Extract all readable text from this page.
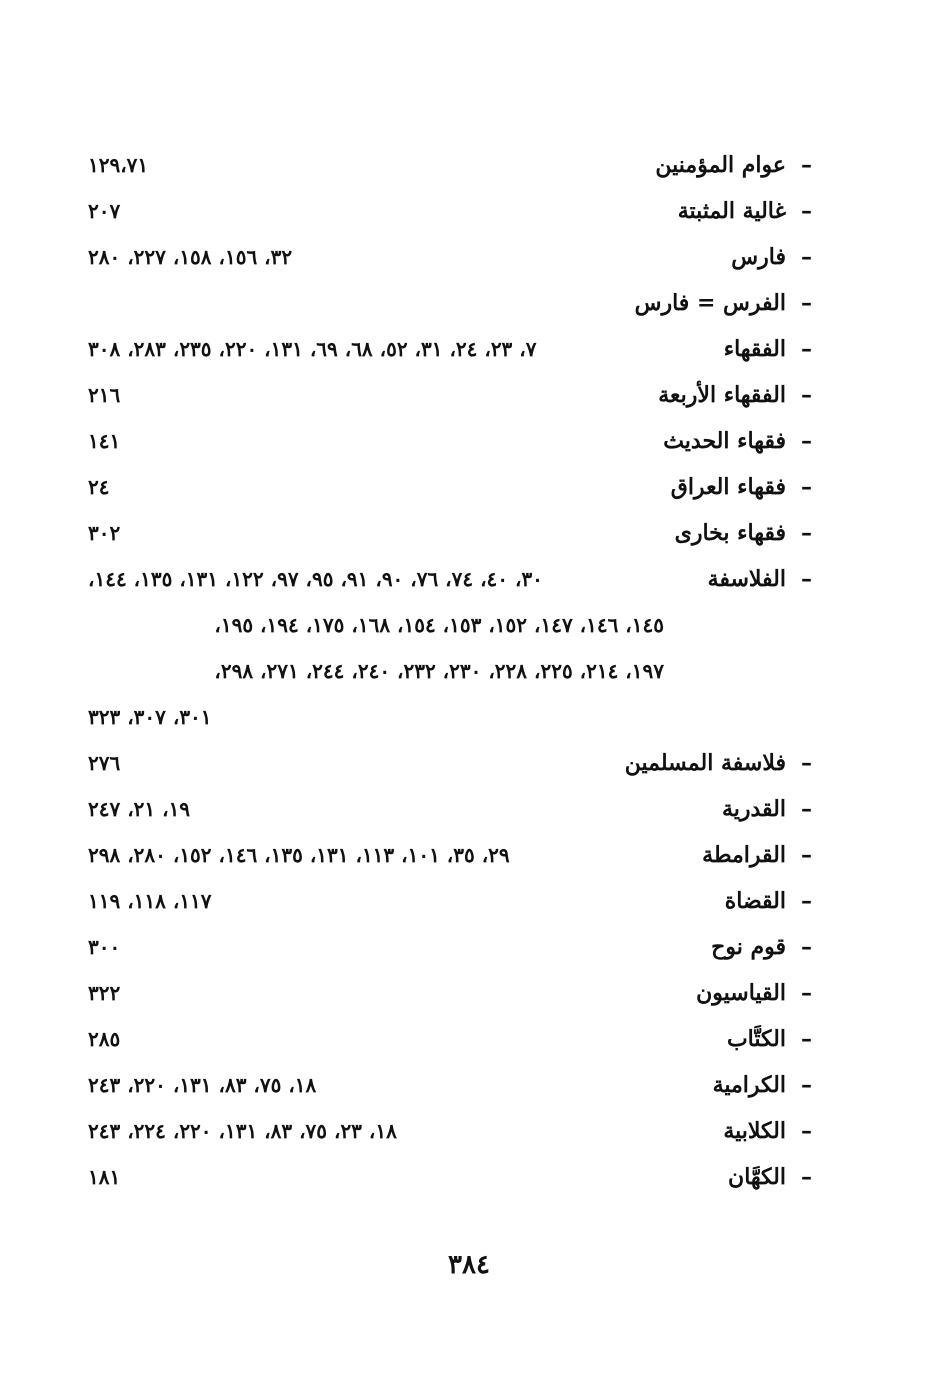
–
عوام المؤمنين
١٢٩،٧١
–
غالية المثبتة
٢٠٧
–
فارس
٣٢، ١٥٦، ١٥٨، ٢٢٧، ٢٨٠
–
الفرس = فارس
–
الفقهاء
٧، ٢٣، ٢٤، ٣١، ٥٢، ٦٨، ٦٩، ١٣١، ٢٢٠، ٢٣٥، ٢٨٣، ٣٠٨
–
الفقهاء الأربعة
٢١٦
–
فقهاء الحديث
١٤١
–
فقهاء العراق
٢٤
–
فقهاء بخارى
٣٠٢
–
الفلاسفة
٣٠، ٤٠، ٧٤، ٧٦، ٩٠، ٩١، ٩٥، ٩٧، ١٢٢، ١٣١، ١٣٥، ١٤٤،
١٤٥، ١٤٦، ١٤٧، ١٥٢، ١٥٣، ١٥٤، ١٦٨، ١٧٥، ١٩٤، ١٩٥،
١٩٧، ٢١٤، ٢٢٥، ٢٢٨، ٢٣٠، ٢٣٢، ٢٤٠، ٢٤٤، ٢٧١، ٢٩٨،
٣٠١، ٣٠٧، ٣٢٣
–
فلاسفة المسلمين
٢٧٦
–
القدرية
١٩، ٢١، ٢٤٧
–
القرامطة
٢٩، ٣٥، ١٠١، ١١٣، ١٣١، ١٣٥، ١٤٦، ١٥٢، ٢٨٠، ٢٩٨
–
القضاة
١١٧، ١١٨، ١١٩
–
قوم نوح
٣٠٠
–
القياسيون
٣٢٢
–
الكتَّاب
٢٨٥
–
الكرامية
١٨، ٧٥، ٨٣، ١٣١، ٢٢٠، ٢٤٣
–
الكلابية
١٨، ٢٣، ٧٥، ٨٣، ١٣١، ٢٢٠، ٢٢٤، ٢٤٣
–
الكهَّان
١٨١
٣٨٤
